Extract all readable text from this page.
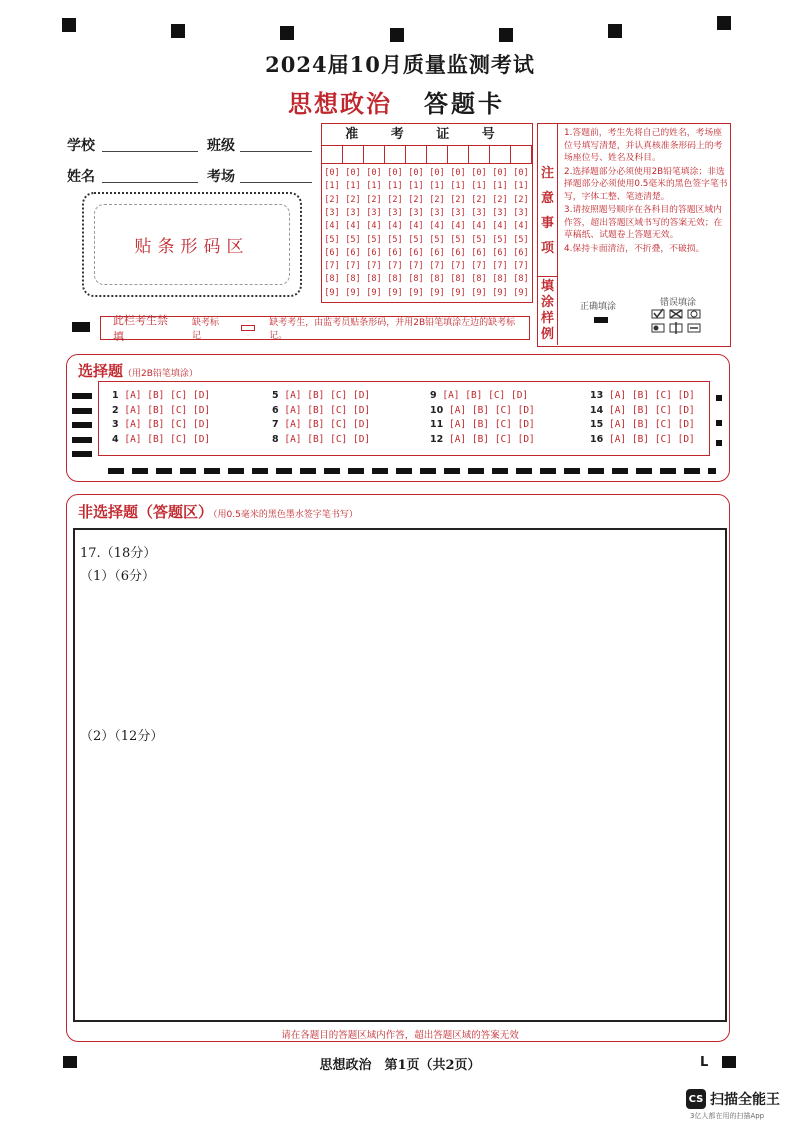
2024届10月质量监测考试
思想政治 答题卡
学校	班级
姓名	考场
贴条形码区
准 考 证 号
[0] [0] [0] [0] [0] [0] [0] [0] [0] [0]
[1] [1] [1] [1] [1] [1] [1] [1] [1] [1]
[2] [2] [2] [2] [2] [2] [2] [2] [2] [2]
[3] [3] [3] [3] [3] [3] [3] [3] [3] [3]
[4] [4] [4] [4] [4] [4] [4] [4] [4] [4]
[5] [5] [5] [5] [5] [5] [5] [5] [5] [5]
[6] [6] [6] [6] [6] [6] [6] [6] [6] [6]
[7] [7] [7] [7] [7] [7] [7] [7] [7] [7]
[8] [8] [8] [8] [8] [8] [8] [8] [8] [8]
[9] [9] [9] [9] [9] [9] [9] [9] [9] [9]
注
意
事
项
填
涂
样
例
1.答题前，考生先将自己的姓名，考场座位号填写清楚，并认真核准条形码上的考场座位号、姓名及科目。
2.选择题部分必须使用2B铅笔填涂；非选择题部分必须使用0.5毫米的黑色签字笔书写，字体工整、笔迹清楚。
3.请按照题号顺序在各科目的答题区域内作答，超出答题区域书写的答案无效；在草稿纸、试题卷上答题无效。
4.保持卡面清洁，不折叠，不破损。
正确填涂	错误填涂
此栏考生禁填
缺考标记
缺考考生，由监考员贴条形码，并用2B铅笔填涂左边的缺考标记。
选择题（用2B铅笔填涂）
1 [A] [B] [C] [D]
2 [A] [B] [C] [D]
3 [A] [B] [C] [D]
4 [A] [B] [C] [D]
5 [A] [B] [C] [D]
6 [A] [B] [C] [D]
7 [A] [B] [C] [D]
8 [A] [B] [C] [D]
9 [A] [B] [C] [D]
10 [A] [B] [C] [D]
11 [A] [B] [C] [D]
12 [A] [B] [C] [D]
13 [A] [B] [C] [D]
14 [A] [B] [C] [D]
15 [A] [B] [C] [D]
16 [A] [B] [C] [D]
非选择题（答题区）（用0.5毫米的黑色墨水签字笔书写）
17.（18分）
（1）（6分）
（2）（12分）
请在各题目的答题区域内作答，超出答题区域的答案无效
思想政治　第1页（共2页）	L
CS 扫描全能王
3亿人都在用的扫描App
